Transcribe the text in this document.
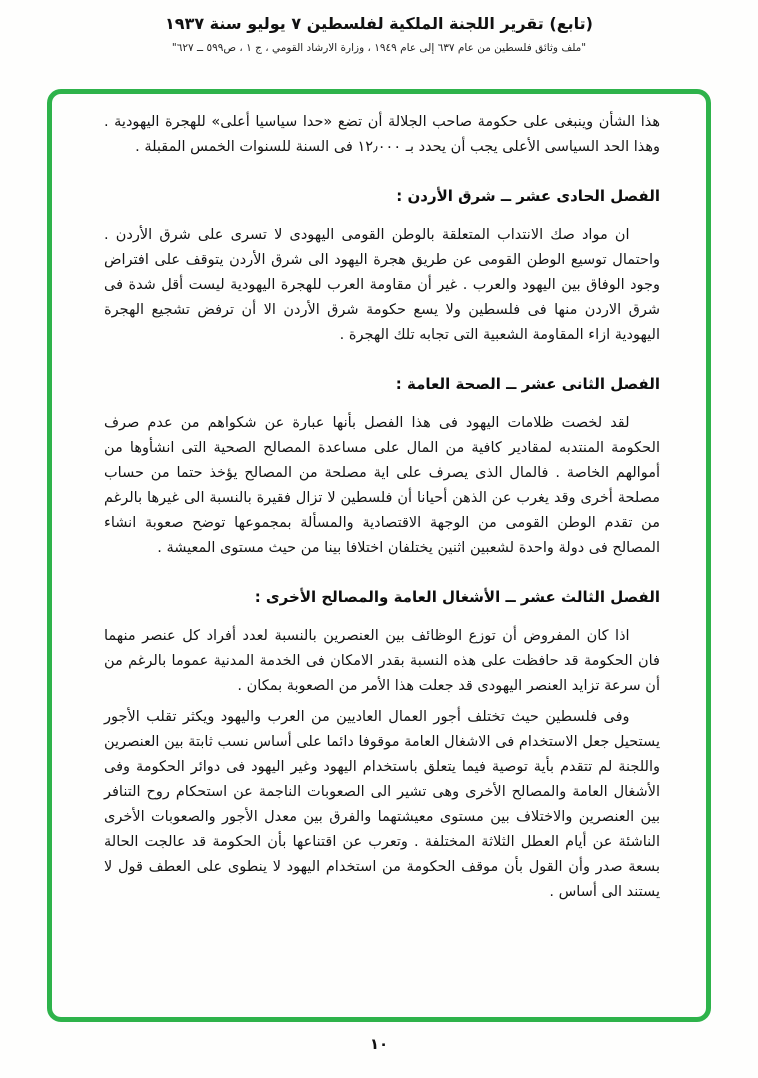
(تابع) تقرير اللجنة الملكية لفلسطين ٧ يوليو سنة ١٩٣٧
"ملف وثائق فلسطين من عام ٦٣٧ إلى عام ١٩٤٩ ، وزارة الارشاد القومي ، ج ١ ، ص٥٩٩ ــ ٦٢٧"

هذا الشأن وينبغى على حكومة صاحب الجلالة أن تضع «حدا سياسيا أعلى» للهجرة اليهودية . وهذا الحد السياسى الأعلى يجب أن يحدد بـ ١٢٫٠٠٠ فى السنة للسنوات الخمس المقبلة .

الفصل الحادى عشر ــ شرق الأردن :

ان مواد صك الانتداب المتعلقة بالوطن القومى اليهودى لا تسرى على شرق الأردن . واحتمال توسيع الوطن القومى عن طريق هجرة اليهود الى شرق الأردن يتوقف على افتراض وجود الوفاق بين اليهود والعرب . غير أن مقاومة العرب للهجرة اليهودية ليست أقل شدة فى شرق الاردن منها فى فلسطين ولا يسع حكومة شرق الأردن الا أن ترفض تشجيع الهجرة اليهودية ازاء المقاومة الشعبية التى تجابه تلك الهجرة .

الفصل الثانى عشر ــ الصحة العامة :

لقد لخصت ظلامات اليهود فى هذا الفصل بأنها عبارة عن شكواهم من عدم صرف الحكومة المنتدبه لمقادير كافية من المال على مساعدة المصالح الصحية التى انشأوها من أموالهم الخاصة . فالمال الذى يصرف على اية مصلحة من المصالح يؤخذ حتما من حساب مصلحة أخرى وقد يغرب عن الذهن أحيانا أن فلسطين لا تزال فقيرة بالنسبة الى غيرها بالرغم من تقدم الوطن القومى من الوجهة الاقتصادية والمسألة بمجموعها توضح صعوبة انشاء المصالح فى دولة واحدة لشعبين اثنين يختلفان اختلافا بينا من حيث مستوى المعيشة .

الفصل الثالث عشر ــ الأشغال العامة والمصالح الأخرى :

اذا كان المفروض أن توزع الوظائف بين العنصرين بالنسبة لعدد أفراد كل عنصر منهما فان الحكومة قد حافظت على هذه النسبة بقدر الامكان فى الخدمة المدنية عموما بالرغم من أن سرعة تزايد العنصر اليهودى قد جعلت هذا الأمر من الصعوبة بمكان .

وفى فلسطين حيث تختلف أجور العمال العاديين من العرب واليهود ويكثر تقلب الأجور يستحيل جعل الاستخدام فى الاشغال العامة موقوفا دائما على أساس نسب ثابتة بين العنصرين واللجنة لم تتقدم بأية توصية فيما يتعلق باستخدام اليهود وغير اليهود فى دوائر الحكومة وفى الأشغال العامة والمصالح الأخرى وهى تشير الى الصعوبات الناجمة عن استحكام روح التنافر بين العنصرين والاختلاف بين مستوى معيشتهما والفرق بين معدل الأجور والصعوبات الأخرى الناشئة عن أيام العطل الثلاثة المختلفة . وتعرب عن اقتناعها بأن الحكومة قد عالجت الحالة بسعة صدر وأن القول بأن موقف الحكومة من استخدام اليهود لا ينطوى على العطف قول لا يستند الى أساس .

١٠
